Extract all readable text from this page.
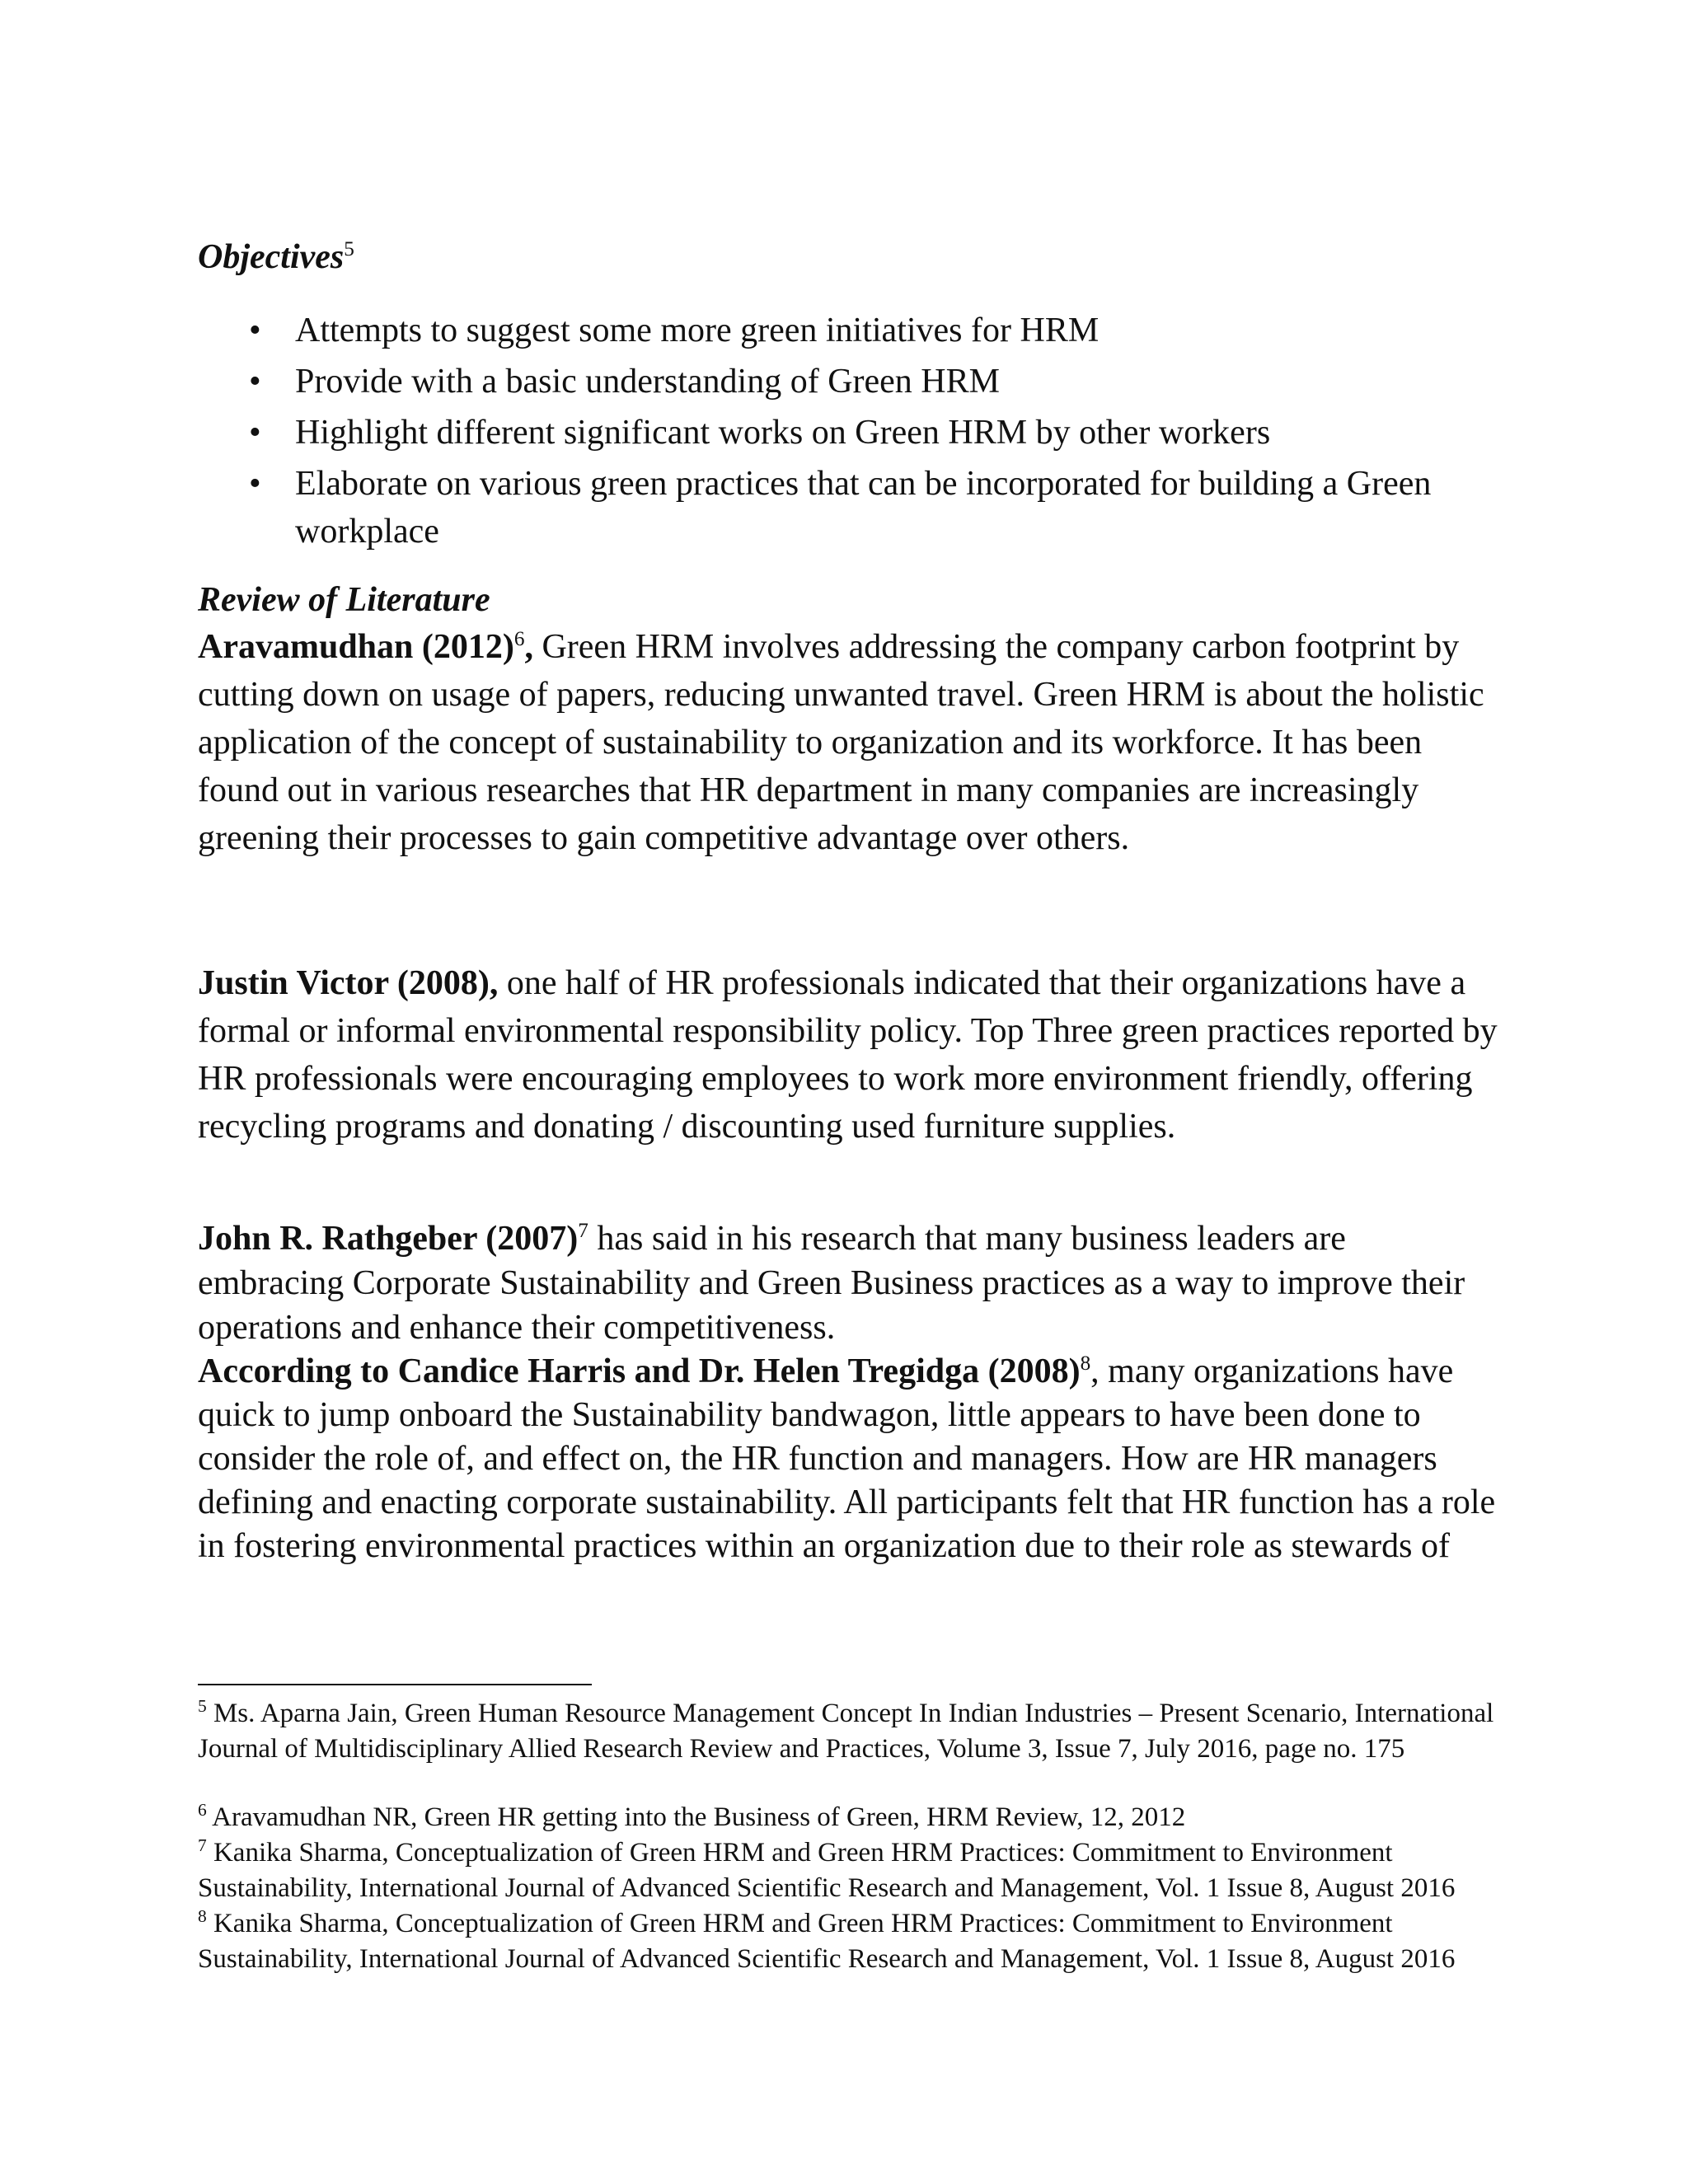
Objectives$^5$
• Attempts to suggest some more green initiatives for HRM
• Provide with a basic understanding of Green HRM
• Highlight different significant works on Green HRM by other workers
• Elaborate on various green practices that can be incorporated for building a Green workplace
Review of Literature

Aravamudhan $(2012)^6$, Green HRM involves addressing the company carbon footprint by cutting down on usage of papers, reducing unwanted travel. Green HRM is about the holistic application of the concept of sustainability to organization and its workforce. It has been found out in various researches that HR department in many companies are increasingly greening their processes to gain competitive advantage over others.

Justin Victor (2008), one half of HR professionals indicated that their organizations have a formal or informal environmental responsibility policy. Top Three green practices reported by HR professionals were encouraging employees to work more environment friendly, offering recycling programs and donating / discounting used furniture supplies.

John R. Rathgeber $(2007)^7$ has said in his research that many business leaders are embracing Corporate Sustainability and Green Business practices as a way to improve their operations and enhance their competitiveness.

According to Candice Harris and Dr. Helen Tregidga $(2008)^8$, many organizations have quick to jump onboard the Sustainability bandwagon, little appears to have been done to consider the role of, and effect on, the HR function and managers. How are HR managers defining and enacting corporate sustainability. All participants felt that HR function has a role in fostering environmental practices within an organization due to their role as stewards of

$^5$ Ms. Aparna Jain, Green Human Resource Management Concept In Indian Industries – Present Scenario, International Journal of Multidisciplinary Allied Research Review and Practices, Volume 3, Issue 7, July 2016, page no. 175

$^6$ Aravamudhan NR, Green HR getting into the Business of Green, HRM Review, 12, 2012

$^7$ Kanika Sharma, Conceptualization of Green HRM and Green HRM Practices: Commitment to Environment Sustainability, International Journal of Advanced Scientific Research and Management, Vol. 1 Issue 8, August 2016

$^8$ Kanika Sharma, Conceptualization of Green HRM and Green HRM Practices: Commitment to Environment Sustainability, International Journal of Advanced Scientific Research and Management, Vol. 1 Issue 8, August 2016
